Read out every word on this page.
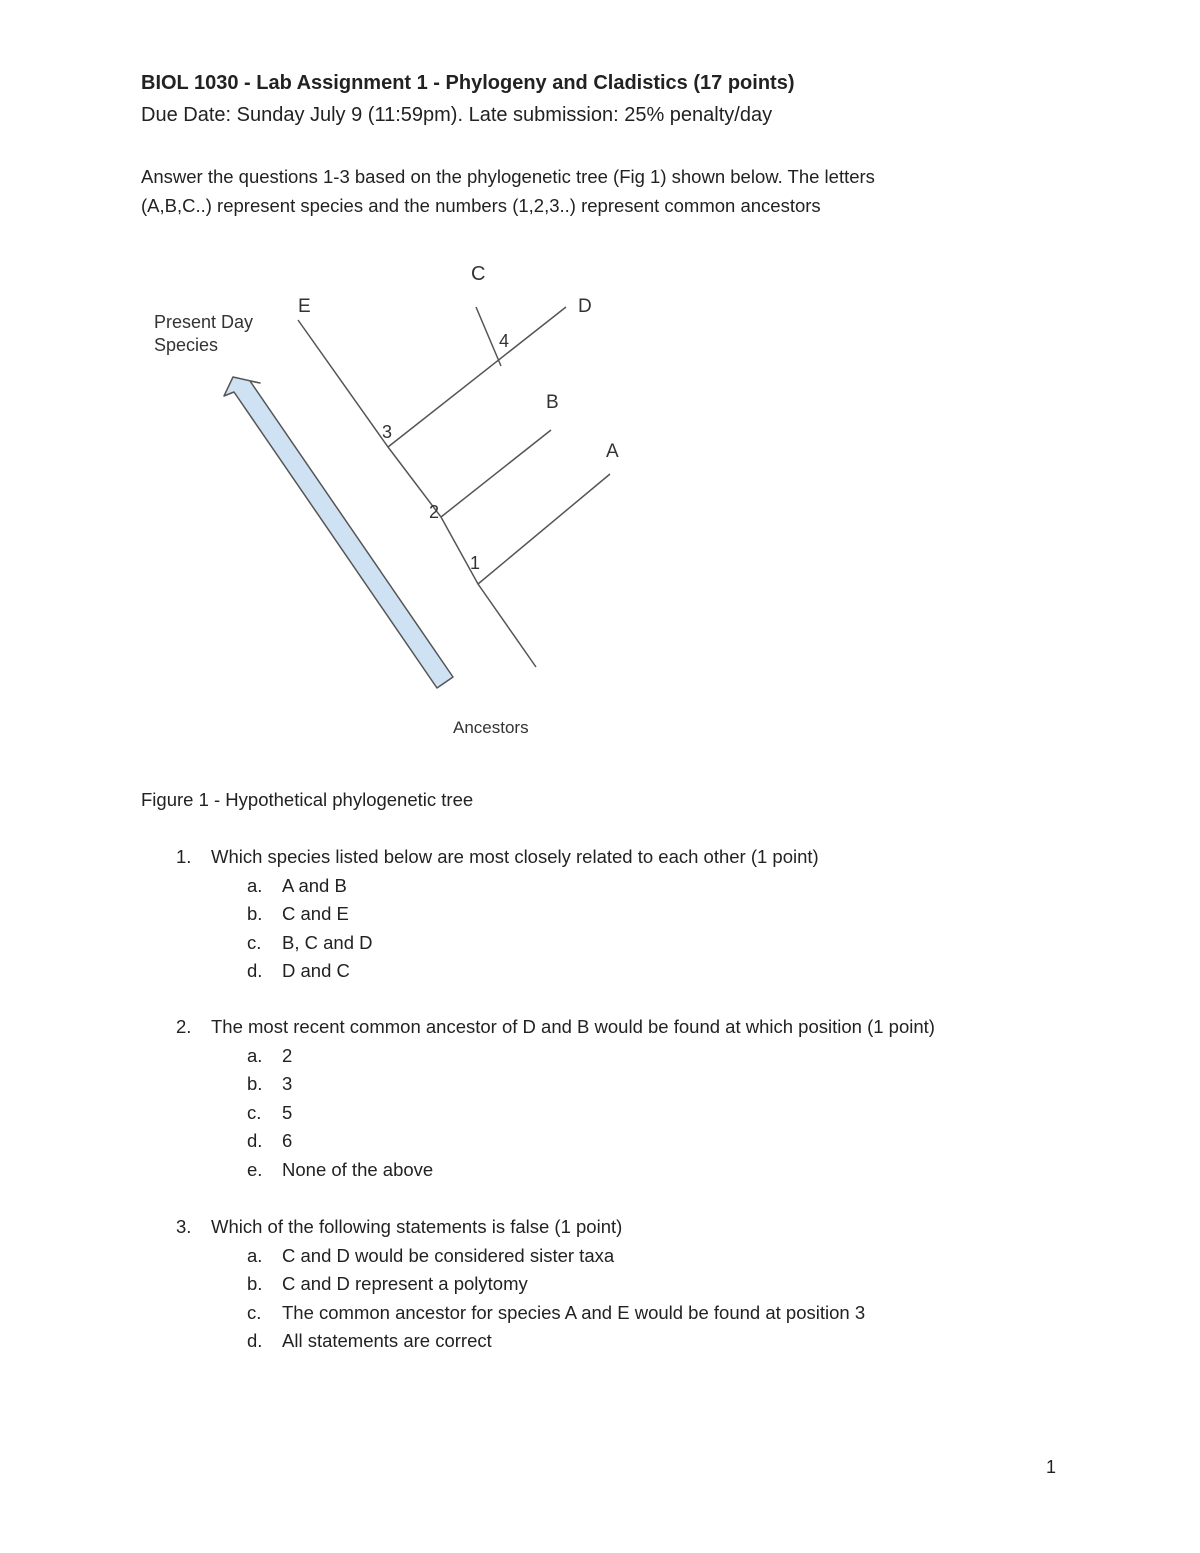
BIOL 1030 - Lab Assignment 1 - Phylogeny and Cladistics (17 points)
Due Date: Sunday July 9 (11:59pm). Late submission: 25% penalty/day
Answer the questions 1-3 based on the phylogenetic tree (Fig 1) shown below. The letters
(A,B,C..) represent species and the numbers (1,2,3..) represent common ancestors
Present Day
Species
Ancestors
E
C
D
B
A
1
2
3
4
Figure 1 - Hypothetical phylogenetic tree
1. Which species listed below are most closely related to each other (1 point)
a. A and B
b. C and E
c. B, C and D
d. D and C
2. The most recent common ancestor of D and B would be found at which position (1 point)
a. 2
b. 3
c. 5
d. 6
e. None of the above
3. Which of the following statements is false (1 point)
a. C and D would be considered sister taxa
b. C and D represent a polytomy
c. The common ancestor for species A and E would be found at position 3
d. All statements are correct
1
